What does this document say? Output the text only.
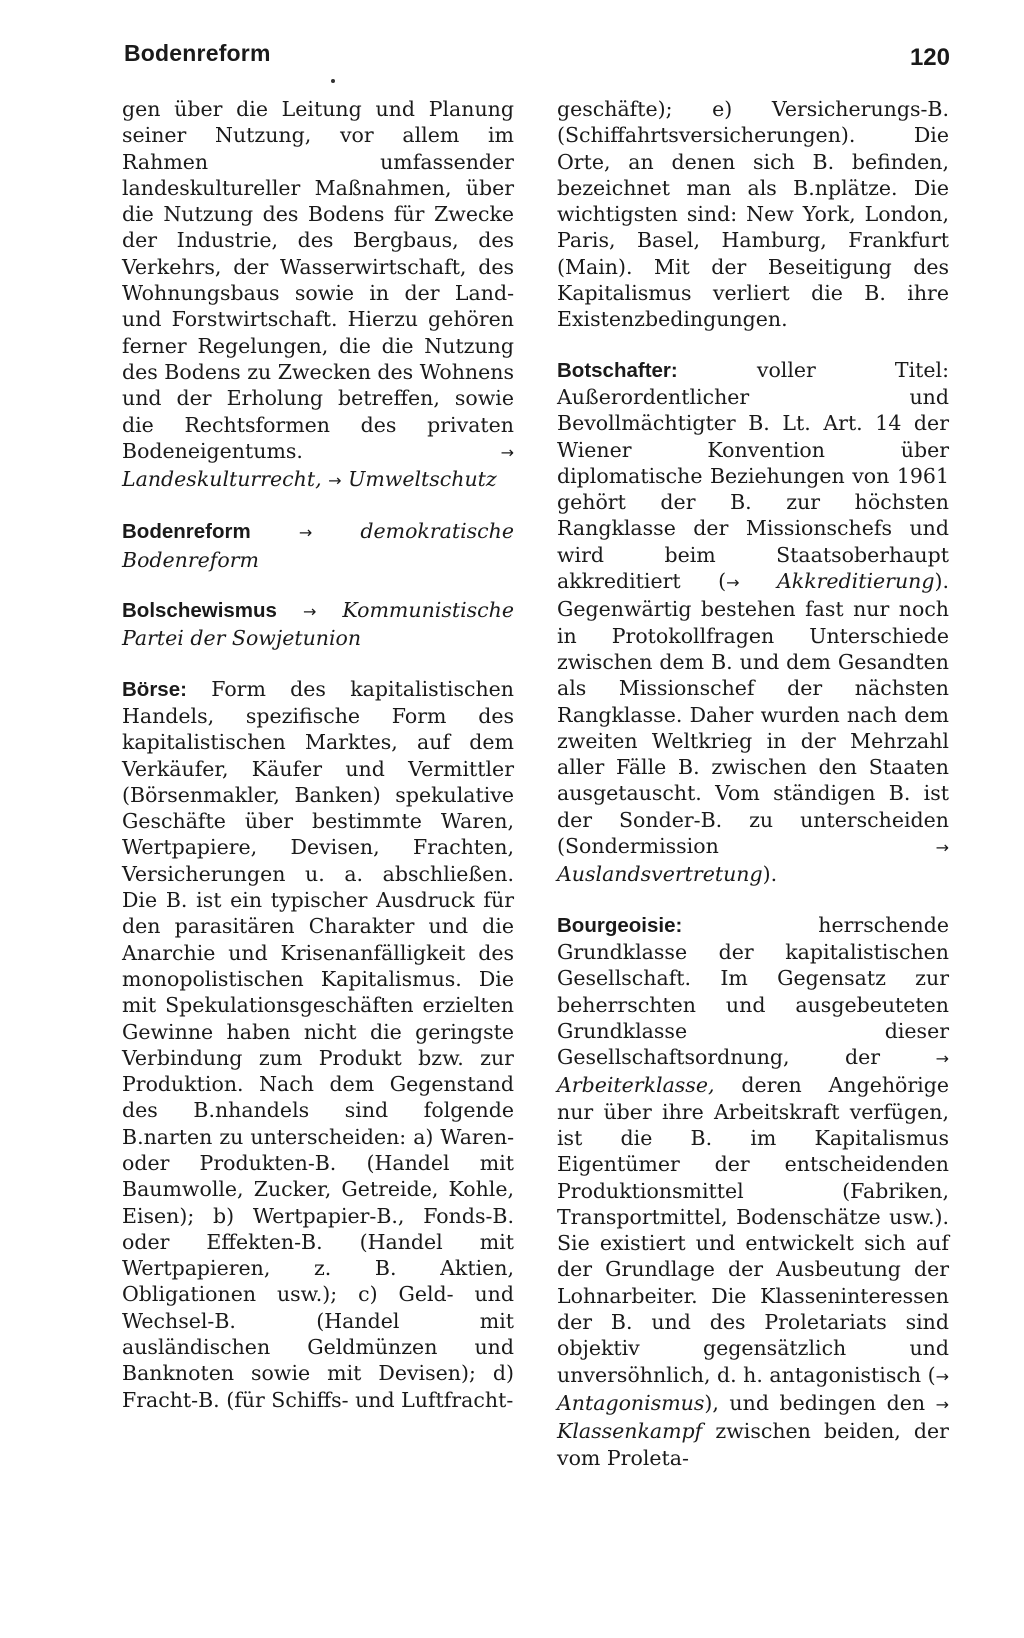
Bodenreform	120

gen über die Leitung und Planung seiner Nutzung, vor allem im Rahmen umfassender landeskultureller Maßnahmen, über die Nutzung des Bodens für Zwecke der Industrie, des Bergbaus, des Verkehrs, der Wasserwirtschaft, des Wohnungsbaus sowie in der Land- und Forstwirtschaft. Hierzu gehören ferner Regelungen, die die Nutzung des Bodens zu Zwecken des Wohnens und der Erholung betreffen, sowie die Rechtsformen des privaten Bodeneigentums.	→ Landeskulturrecht, → Umweltschutz

Bodenreform	→ demokratische Bodenreform

Bolschewismus → Kommunistische Partei der Sowjetunion

Börse: Form des kapitalistischen Handels, spezifische Form des kapitalistischen Marktes, auf dem Verkäufer, Käufer und Vermittler (Börsenmakler, Banken) spekulative Geschäfte über bestimmte Waren, Wertpapiere, Devisen, Frachten, Versicherungen u. a. abschließen. Die B. ist ein typischer Ausdruck für den parasitären Charakter und die Anarchie und Krisenanfälligkeit des monopolistischen Kapitalismus. Die mit Spekulationsgeschäften erzielten Gewinne haben nicht die geringste Verbindung zum Produkt bzw. zur Produktion. Nach dem Gegenstand des B.nhandels sind folgende B.narten zu unterscheiden: a) Waren- oder Produkten-B. (Handel mit Baumwolle, Zucker, Getreide, Kohle, Eisen); b) Wertpapier-B., Fonds-B. oder Effekten-B. (Handel mit Wertpapieren, z. B. Aktien, Obligationen usw.); c) Geld- und Wechsel-B. (Handel mit ausländischen Geldmünzen und Banknoten sowie mit Devisen); d) Fracht-B. (für Schiffs- und Luftfracht-

geschäfte); e) Versicherungs-B. (Schiffahrtsversicherungen). Die Orte, an denen sich B. befinden, bezeichnet man als B.nplätze. Die wichtigsten sind: New York, London, Paris, Basel, Hamburg, Frankfurt (Main). Mit der Beseitigung des Kapitalismus verliert die B. ihre Existenzbedingungen.

Botschafter:	voller Titel: Außerordentlicher und Bevollmächtigter B. Lt. Art. 14 der Wiener Konvention über diplomatische Beziehungen von 1961 gehört der B. zur höchsten Rangklasse der Missionschefs und wird beim Staatsoberhaupt akkreditiert (→ Akkreditierung). Gegenwärtig bestehen fast nur noch in Protokollfragen Unterschiede zwischen dem B. und dem Gesandten als Missionschef der nächsten Rangklasse. Daher wurden nach dem zweiten Weltkrieg in der Mehrzahl aller Fälle B. zwischen den Staaten ausgetauscht. Vom ständigen B. ist der Sonder-B. zu unterscheiden (Sondermission	→ Auslandsvertretung).

Bourgeoisie:	herrschende Grundklasse der kapitalistischen Gesellschaft. Im Gegensatz zur beherrschten und ausgebeuteten Grundklasse dieser Gesellschaftsordnung, der	→ Arbeiterklasse, deren Angehörige nur über ihre Arbeitskraft verfügen, ist die B. im Kapitalismus Eigentümer der entscheidenden Produktionsmittel (Fabriken, Transportmittel, Bodenschätze usw.). Sie existiert und entwickelt sich auf der Grundlage der Ausbeutung der Lohnarbeiter. Die Klasseninteressen der B. und des Proletariats sind objektiv gegensätzlich und unversöhnlich, d. h. antagonistisch (→ Antagonismus), und bedingen den → Klassenkampf zwischen beiden, der vom Proleta-
